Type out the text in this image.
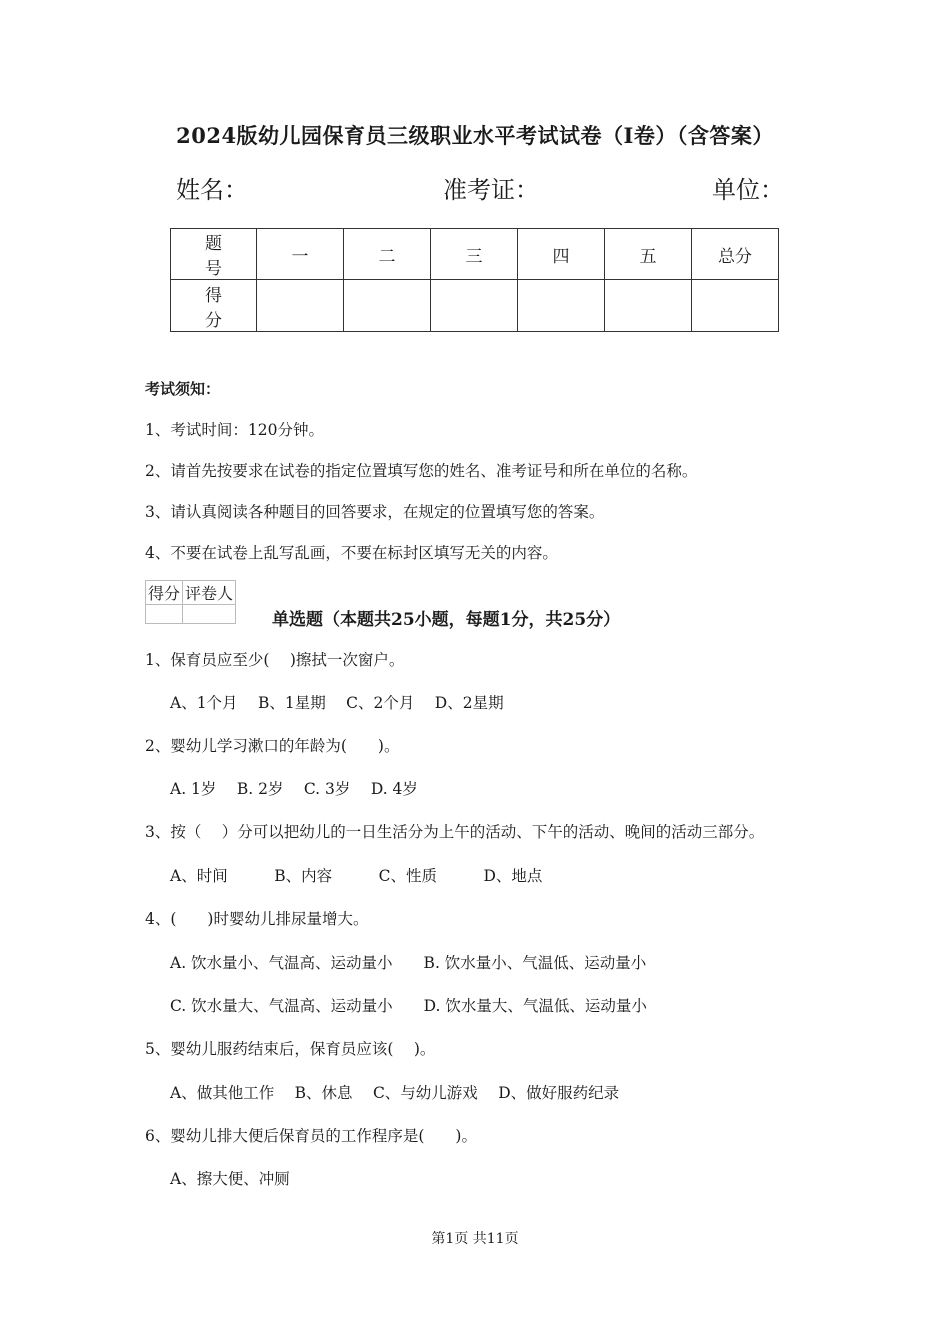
2024版幼儿园保育员三级职业水平考试试卷（I卷）（含答案）
姓名：	准考证：	单位：
题　号	一	二	三	四	五	总分
得　分						
考试须知：
1、考试时间：120分钟。
2、请首先按要求在试卷的指定位置填写您的姓名、准考证号和所在单位的名称。
3、请认真阅读各种题目的回答要求，在规定的位置填写您的答案。
4、不要在试卷上乱写乱画，不要在标封区填写无关的内容。
得分	评卷人

单选题（本题共25小题，每题1分，共25分）
1、保育员应至少(　 )擦拭一次窗户。
A、1个月　 B、1星期　 C、2个月　 D、2星期
2、婴幼儿学习漱口的年龄为(　　)。
A. 1岁　 B. 2岁　 C. 3岁　 D. 4岁
3、按（　 ）分可以把幼儿的一日生活分为上午的活动、下午的活动、晚间的活动三部分。
A、时间　　　B、内容　　　C、性质　　　D、地点
4、(　　)时婴幼儿排尿量增大。
A. 饮水量小、气温高、运动量小　　B. 饮水量小、气温低、运动量小
C. 饮水量大、气温高、运动量小　　D. 饮水量大、气温低、运动量小
5、婴幼儿服药结束后，保育员应该(　 )。
A、做其他工作　 B、休息　 C、与幼儿游戏　 D、做好服药纪录
6、婴幼儿排大便后保育员的工作程序是(　　)。
A、擦大便、冲厕
第1页 共11页
